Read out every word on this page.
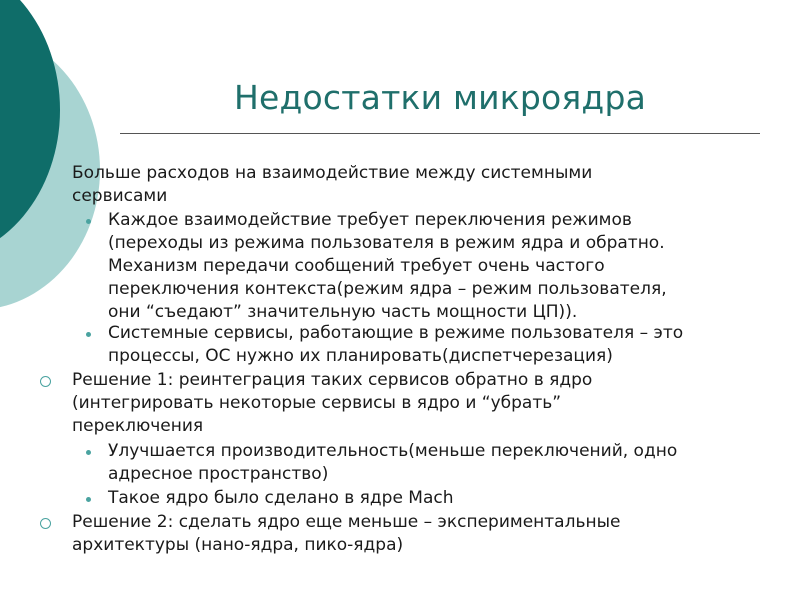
Недостатки микроядра
Больше расходов на взаимодействие между системными
сервисами
Каждое взаимодействие требует переключения режимов
(переходы из режима пользователя в режим ядра и обратно.
Механизм передачи сообщений требует очень частого
переключения контекста(режим ядра – режим пользователя,
они “съедают” значительную часть мощности ЦП)).
Системные сервисы, работающие в режиме пользователя – это
процессы, ОС нужно их планировать(диспетчерезация)
Решение 1: реинтеграция таких сервисов обратно в ядро
(интегрировать некоторые сервисы в ядро и “убрать”
переключения
Улучшается производительность(меньше переключений, одно
адресное пространство)
Такое ядро было сделано в ядре Mach
Решение 2: сделать ядро еще меньше – экспериментальные
архитектуры (нано-ядра, пико-ядра)
